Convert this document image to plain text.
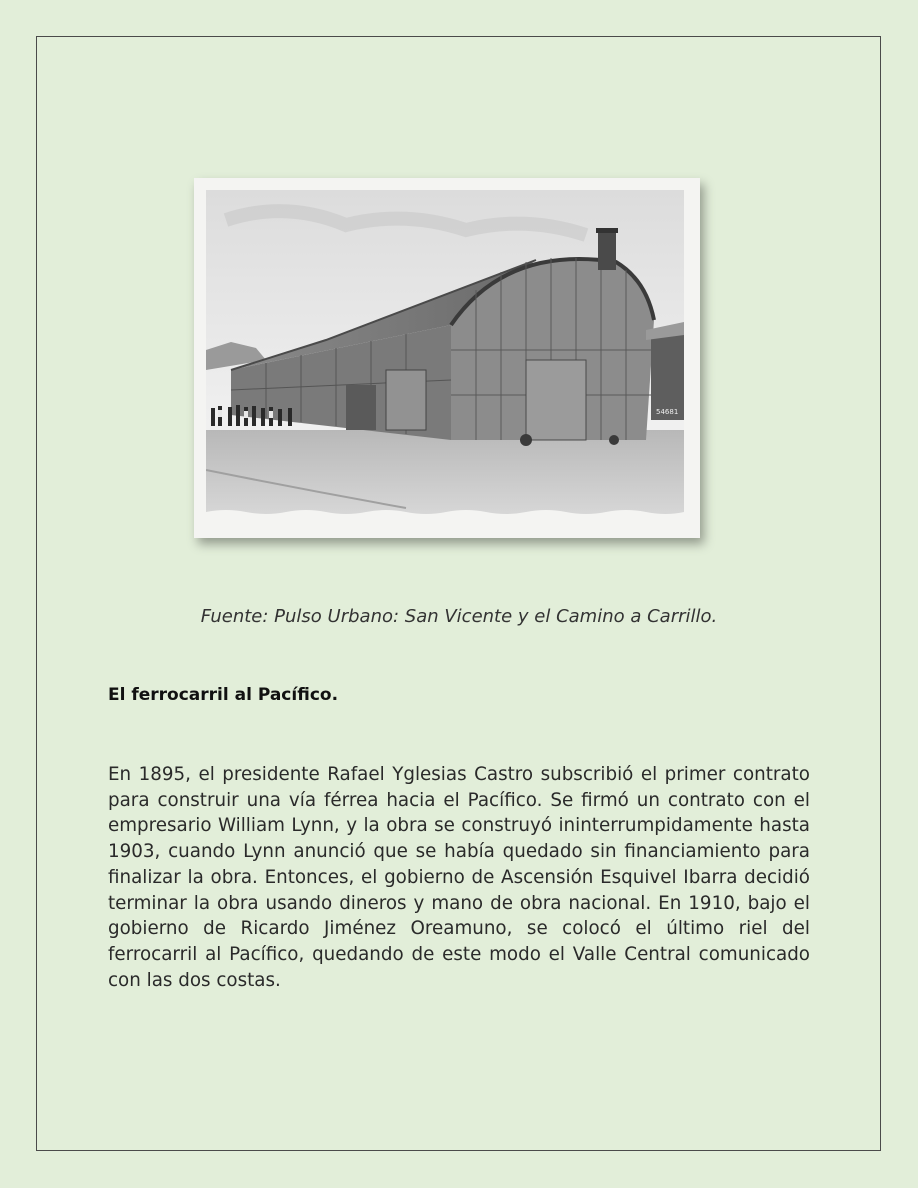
54681
Fuente: Pulso Urbano: San Vicente y el Camino a Carrillo.
El ferrocarril al Pacífico.
En 1895, el presidente Rafael Yglesias Castro subscribió el primer contrato para construir una vía férrea hacia el Pacífico. Se firmó un contrato con el empresario William Lynn, y la obra se construyó ininterrumpidamente hasta 1903, cuando Lynn anunció que se había quedado sin financiamiento para finalizar la obra. Entonces, el gobierno de Ascensión Esquivel Ibarra decidió terminar la obra usando dineros y mano de obra nacional. En 1910, bajo el gobierno de Ricardo Jiménez Oreamuno, se colocó el último riel del ferrocarril al Pacífico, quedando de este modo el Valle Central comunicado con las dos costas.
